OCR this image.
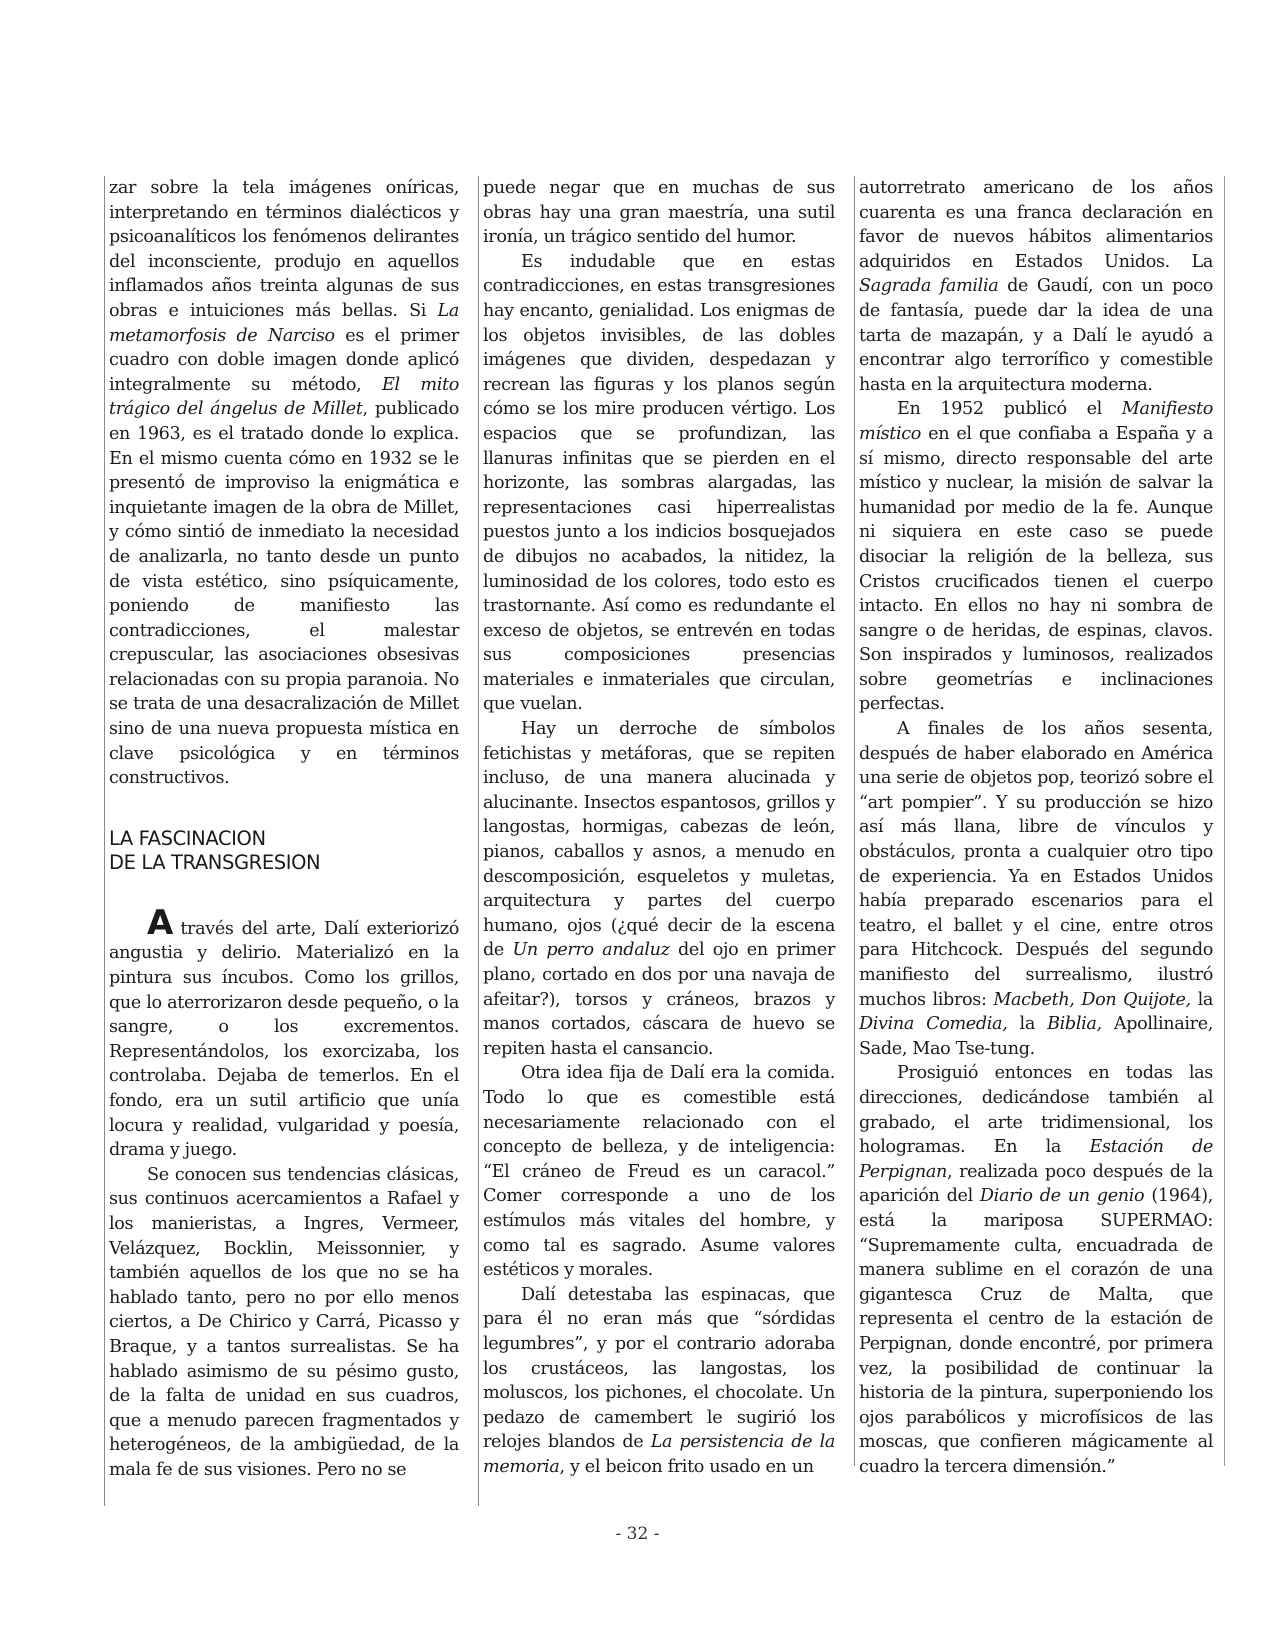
zar sobre la tela imágenes oníricas, interpretando en términos dialécticos y psicoanalíticos los fenómenos delirantes del inconsciente, produjo en aquellos inflamados años treinta algunas de sus obras e intuiciones más bellas. Si La metamorfosis de Narciso es el primer cuadro con doble imagen donde aplicó integralmente su método, El mito trágico del ángelus de Millet, publicado en 1963, es el tratado donde lo explica. En el mismo cuenta cómo en 1932 se le presentó de improviso la enigmática e inquietante imagen de la obra de Millet, y cómo sintió de inmediato la necesidad de analizarla, no tanto desde un punto de vista estético, sino psíquicamente, poniendo de manifiesto las contradicciones, el malestar crepuscular, las asociaciones obsesivas relacionadas con su propia paranoia. No se trata de una desacralización de Millet sino de una nueva propuesta mística en clave psicológica y en términos constructivos.

LA FASCINACION
DE LA TRANSGRESION

A través del arte, Dalí exteriorizó angustia y delirio. Materializó en la pintura sus íncubos. Como los grillos, que lo aterrorizaron desde pequeño, o la sangre, o los excrementos. Representándolos, los exorcizaba, los controlaba. Dejaba de temerlos. En el fondo, era un sutil artificio que unía locura y realidad, vulgaridad y poesía, drama y juego.

Se conocen sus tendencias clásicas, sus continuos acercamientos a Rafael y los manieristas, a Ingres, Vermeer, Velázquez, Bocklin, Meissonnier, y también aquellos de los que no se ha hablado tanto, pero no por ello menos ciertos, a De Chirico y Carrá, Picasso y Braque, y a tantos surrealistas. Se ha hablado asimismo de su pésimo gusto, de la falta de unidad en sus cuadros, que a menudo parecen fragmentados y heterogéneos, de la ambigüedad, de la mala fe de sus visiones. Pero no se

puede negar que en muchas de sus obras hay una gran maestría, una sutil ironía, un trágico sentido del humor.

Es indudable que en estas contradicciones, en estas transgresiones hay encanto, genialidad. Los enigmas de los objetos invisibles, de las dobles imágenes que dividen, despedazan y recrean las figuras y los planos según cómo se los mire producen vértigo. Los espacios que se profundizan, las llanuras infinitas que se pierden en el horizonte, las sombras alargadas, las representaciones casi hiperrealistas puestos junto a los indicios bosquejados de dibujos no acabados, la nitidez, la luminosidad de los colores, todo esto es trastornante. Así como es redundante el exceso de objetos, se entrevén en todas sus composiciones presencias materiales e inmateriales que circulan, que vuelan.

Hay un derroche de símbolos fetichistas y metáforas, que se repiten incluso, de una manera alucinada y alucinante. Insectos espantosos, grillos y langostas, hormigas, cabezas de león, pianos, caballos y asnos, a menudo en descomposición, esqueletos y muletas, arquitectura y partes del cuerpo humano, ojos (¿qué decir de la escena de Un perro andaluz del ojo en primer plano, cortado en dos por una navaja de afeitar?), torsos y cráneos, brazos y manos cortados, cáscara de huevo se repiten hasta el cansancio.

Otra idea fija de Dalí era la comida. Todo lo que es comestible está necesariamente relacionado con el concepto de belleza, y de inteligencia: “El cráneo de Freud es un caracol.” Comer corresponde a uno de los estímulos más vitales del hombre, y como tal es sagrado. Asume valores estéticos y morales.

Dalí detestaba las espinacas, que para él no eran más que “sórdidas legumbres”, y por el contrario adoraba los crustáceos, las langostas, los moluscos, los pichones, el chocolate. Un pedazo de camembert le sugirió los relojes blandos de La persistencia de la memoria, y el beicon frito usado en un

autorretrato americano de los años cuarenta es una franca declaración en favor de nuevos hábitos alimentarios adquiridos en Estados Unidos. La Sagrada familia de Gaudí, con un poco de fantasía, puede dar la idea de una tarta de mazapán, y a Dalí le ayudó a encontrar algo terrorífico y comestible hasta en la arquitectura moderna.

En 1952 publicó el Manifiesto místico en el que confiaba a España y a sí mismo, directo responsable del arte místico y nuclear, la misión de salvar la humanidad por medio de la fe. Aunque ni siquiera en este caso se puede disociar la religión de la belleza, sus Cristos crucificados tienen el cuerpo intacto. En ellos no hay ni sombra de sangre o de heridas, de espinas, clavos. Son inspirados y luminosos, realizados sobre geometrías e inclinaciones perfectas.

A finales de los años sesenta, después de haber elaborado en América una serie de objetos pop, teorizó sobre el “art pompier”. Y su producción se hizo así más llana, libre de vínculos y obstáculos, pronta a cualquier otro tipo de experiencia. Ya en Estados Unidos había preparado escenarios para el teatro, el ballet y el cine, entre otros para Hitchcock. Después del segundo manifiesto del surrealismo, ilustró muchos libros: Macbeth, Don Quijote, la Divina Comedia, la Biblia, Apollinaire, Sade, Mao Tse-tung.

Prosiguió entonces en todas las direcciones, dedicándose también al grabado, el arte tridimensional, los hologramas. En la Estación de Perpignan, realizada poco después de la aparición del Diario de un genio (1964), está la mariposa SUPERMAO: “Supremamente culta, encuadrada de manera sublime en el corazón de una gigantesca Cruz de Malta, que representa el centro de la estación de Perpignan, donde encontré, por primera vez, la posibilidad de continuar la historia de la pintura, superponiendo los ojos parabólicos y microfísicos de las moscas, que confieren mágicamente al cuadro la tercera dimensión.”

- 32 -
